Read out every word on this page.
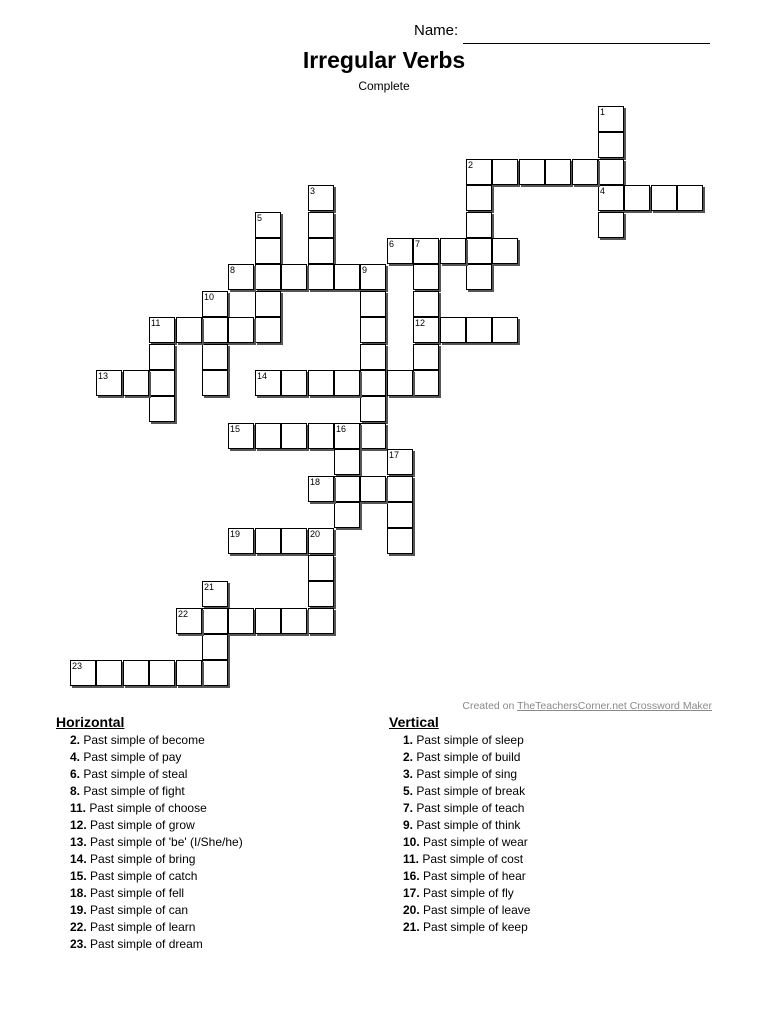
Name:
Irregular Verbs
Complete
1
4
2
3
5
6 7
12
8	9
10
11
13	14
15	16
17
18
19	20
21
22
23
Created on TheTeachersCorner.net Crossword Maker
Horizontal
2. Past simple of become
4. Past simple of pay
6. Past simple of steal
8. Past simple of fight
11. Past simple of choose
12. Past simple of grow
13. Past simple of 'be' (I/She/he)
14. Past simple of bring
15. Past simple of catch
18. Past simple of fell
19. Past simple of can
22. Past simple of learn
23. Past simple of dream
Vertical
1. Past simple of sleep
2. Past simple of build
3. Past simple of sing
5. Past simple of break
7. Past simple of teach
9. Past simple of think
10. Past simple of wear
11. Past simple of cost
16. Past simple of hear
17. Past simple of fly
20. Past simple of leave
21. Past simple of keep
